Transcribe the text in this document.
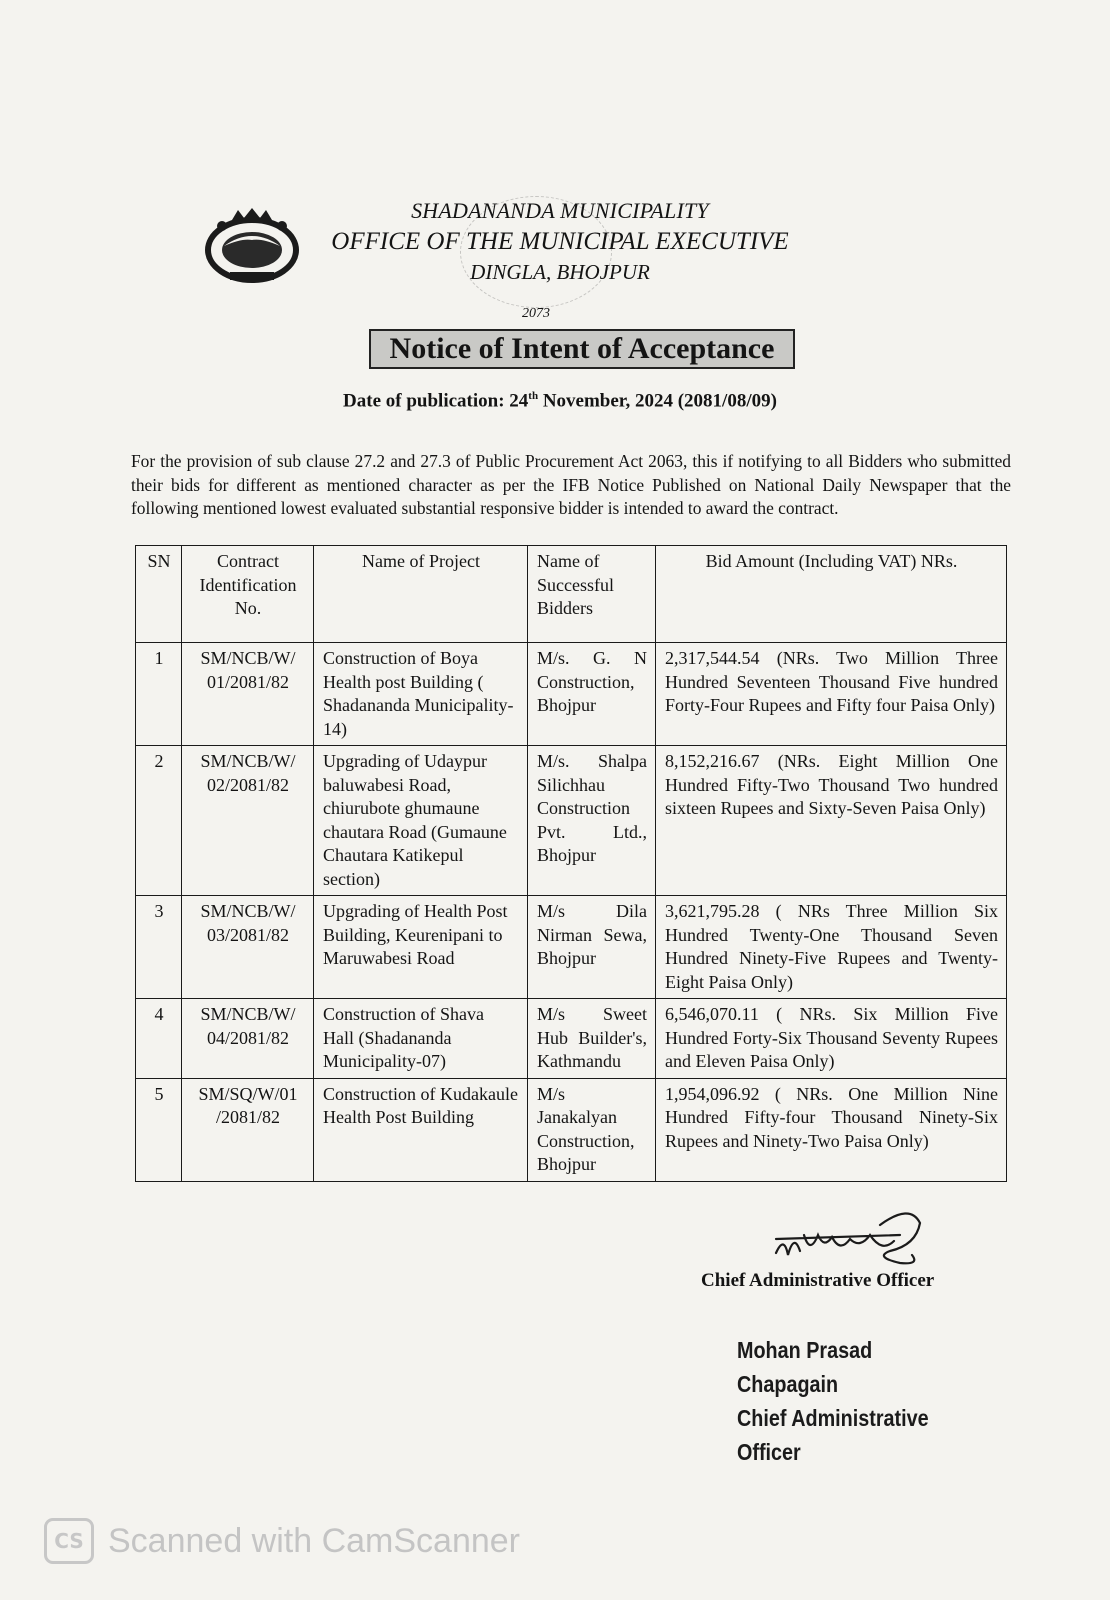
SHADANANDA MUNICIPALITY
OFFICE OF THE MUNICIPAL EXECUTIVE
DINGLA, BHOJPUR
2073
Notice of Intent of Acceptance
Date of publication: 24th November, 2024 (2081/08/09)
For the provision of sub clause 27.2 and 27.3 of Public Procurement Act 2063, this if notifying to all Bidders who submitted their bids for different as mentioned character as per the IFB Notice Published on National Daily Newspaper that the following mentioned lowest evaluated substantial responsive bidder is intended to award the contract.
SN	Contract Identification No.	Name of Project	Name of Successful Bidders	Bid Amount (Including VAT) NRs.
1	SM/NCB/W/ 01/2081/82	Construction of Boya Health post Building ( Shadananda Municipality-14)	M/s. G. N Construction, Bhojpur	2,317,544.54 (NRs. Two Million Three Hundred Seventeen Thousand Five hundred Forty-Four Rupees and Fifty four Paisa Only)
2	SM/NCB/W/ 02/2081/82	Upgrading of Udaypur baluwabesi Road, chiurubote ghumaune chautara Road (Gumaune Chautara Katikepul section)	M/s. Shalpa Silichhau Construction Pvt. Ltd., Bhojpur	8,152,216.67 (NRs. Eight Million One Hundred Fifty-Two Thousand Two hundred sixteen Rupees and Sixty-Seven Paisa Only)
3	SM/NCB/W/ 03/2081/82	Upgrading of Health Post Building, Keurenipani to Maruwabesi Road	M/s Dila Nirman Sewa, Bhojpur	3,621,795.28 ( NRs Three Million Six Hundred Twenty-One Thousand Seven Hundred Ninety-Five Rupees and Twenty-Eight Paisa Only)
4	SM/NCB/W/ 04/2081/82	Construction of Shava Hall (Shadananda Municipality-07)	M/s Sweet Hub Builder's, Kathmandu	6,546,070.11 ( NRs. Six Million Five Hundred Forty-Six Thousand Seventy Rupees and Eleven Paisa Only)
5	SM/SQ/W/01 /2081/82	Construction of Kudakaule Health Post Building	M/s Janakalyan Construction, Bhojpur	1,954,096.92 ( NRs. One Million Nine Hundred Fifty-four Thousand Ninety-Six Rupees and Ninety-Two Paisa Only)
Chief Administrative Officer
Mohan Prasad Chapagain
Chief Administrative Officer
CS Scanned with CamScanner
